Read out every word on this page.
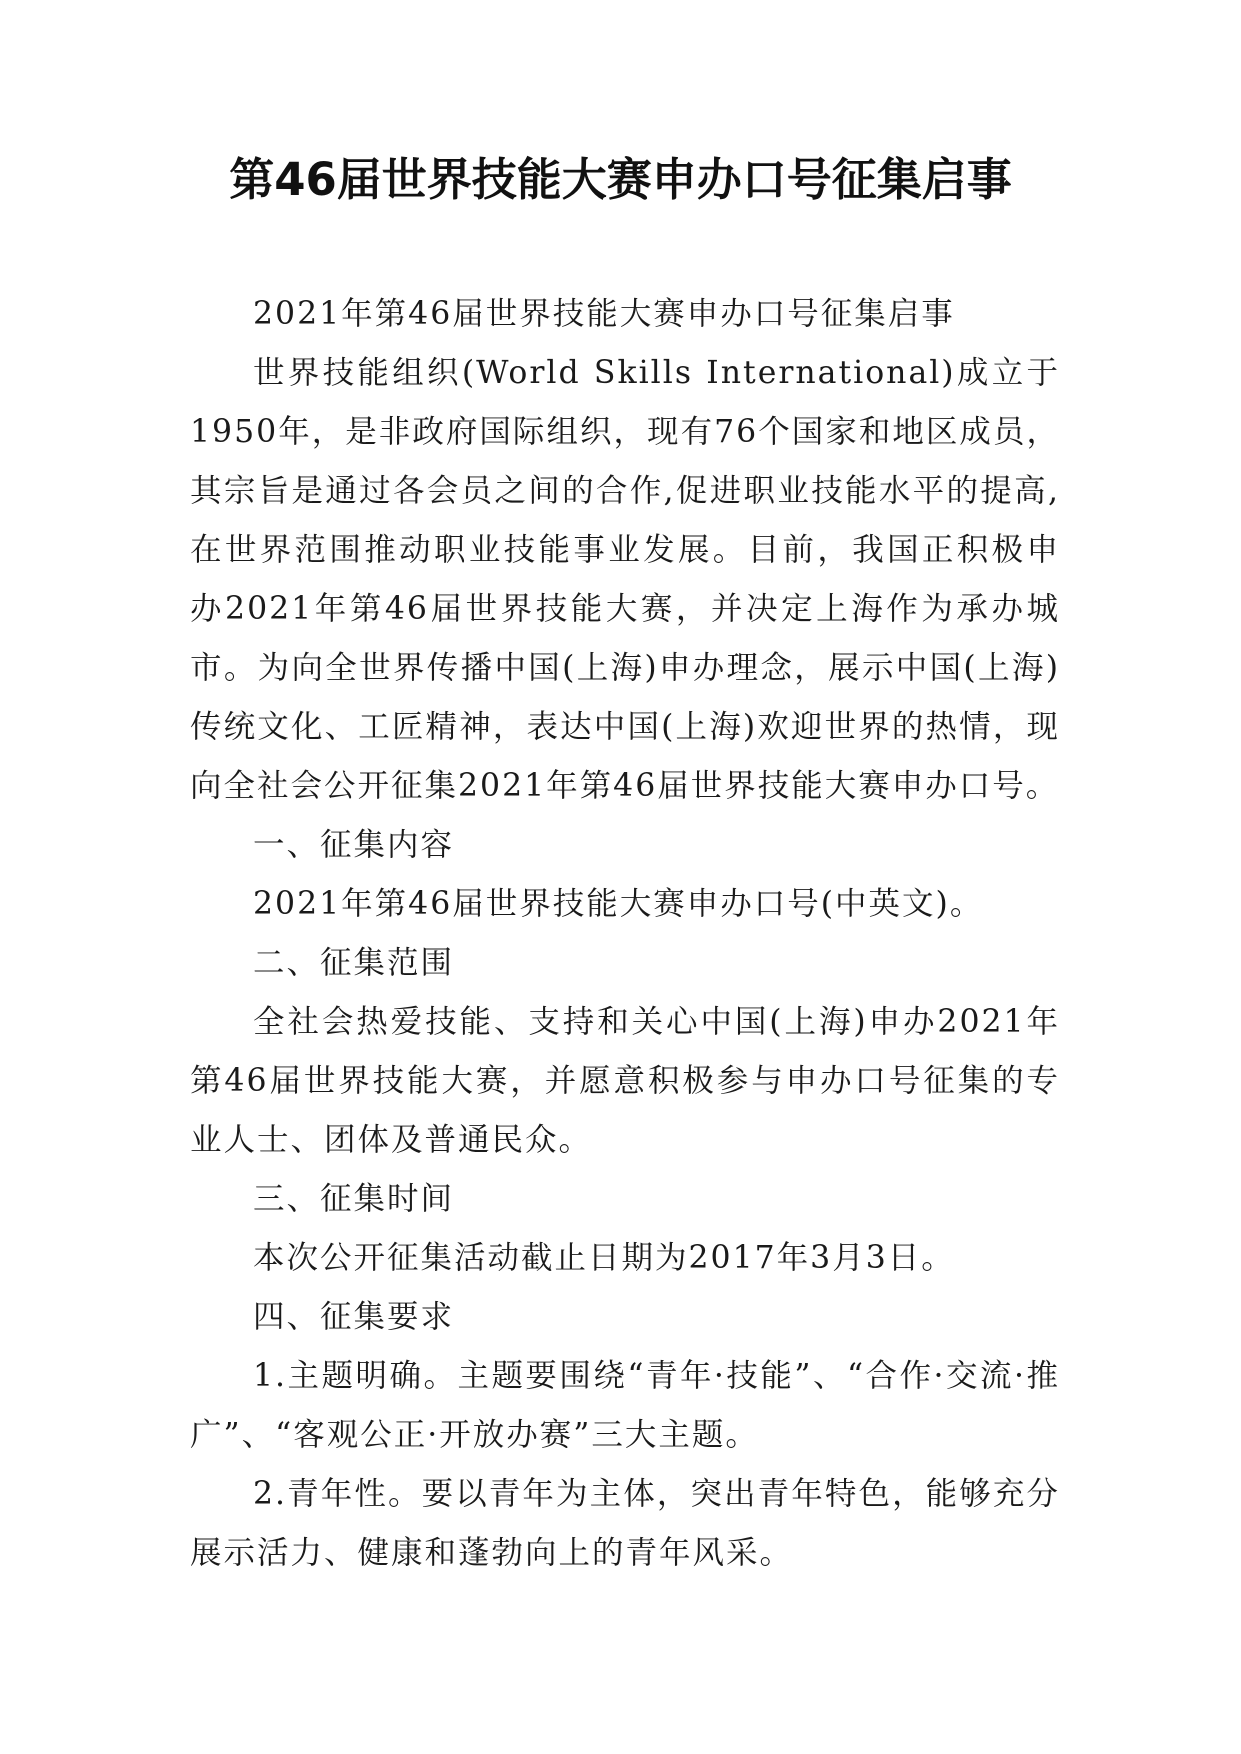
第46届世界技能大赛申办口号征集启事

2021年第46届世界技能大赛申办口号征集启事

世界技能组织(World Skills International)成立于1950年，是非政府国际组织，现有76个国家和地区成员，其宗旨是通过各会员之间的合作,促进职业技能水平的提高,在世界范围推动职业技能事业发展。目前，我国正积极申办2021年第46届世界技能大赛，并决定上海作为承办城市。为向全世界传播中国(上海)申办理念，展示中国(上海)传统文化、工匠精神，表达中国(上海)欢迎世界的热情，现向全社会公开征集2021年第46届世界技能大赛申办口号。

一、征集内容

2021年第46届世界技能大赛申办口号(中英文)。

二、征集范围

全社会热爱技能、支持和关心中国(上海)申办2021年第46届世界技能大赛，并愿意积极参与申办口号征集的专业人士、团体及普通民众。

三、征集时间

本次公开征集活动截止日期为2017年3月3日。

四、征集要求

1.主题明确。主题要围绕“青年·技能”、“合作·交流·推广”、“客观公正·开放办赛”三大主题。

2.青年性。要以青年为主体，突出青年特色，能够充分展示活力、健康和蓬勃向上的青年风采。
